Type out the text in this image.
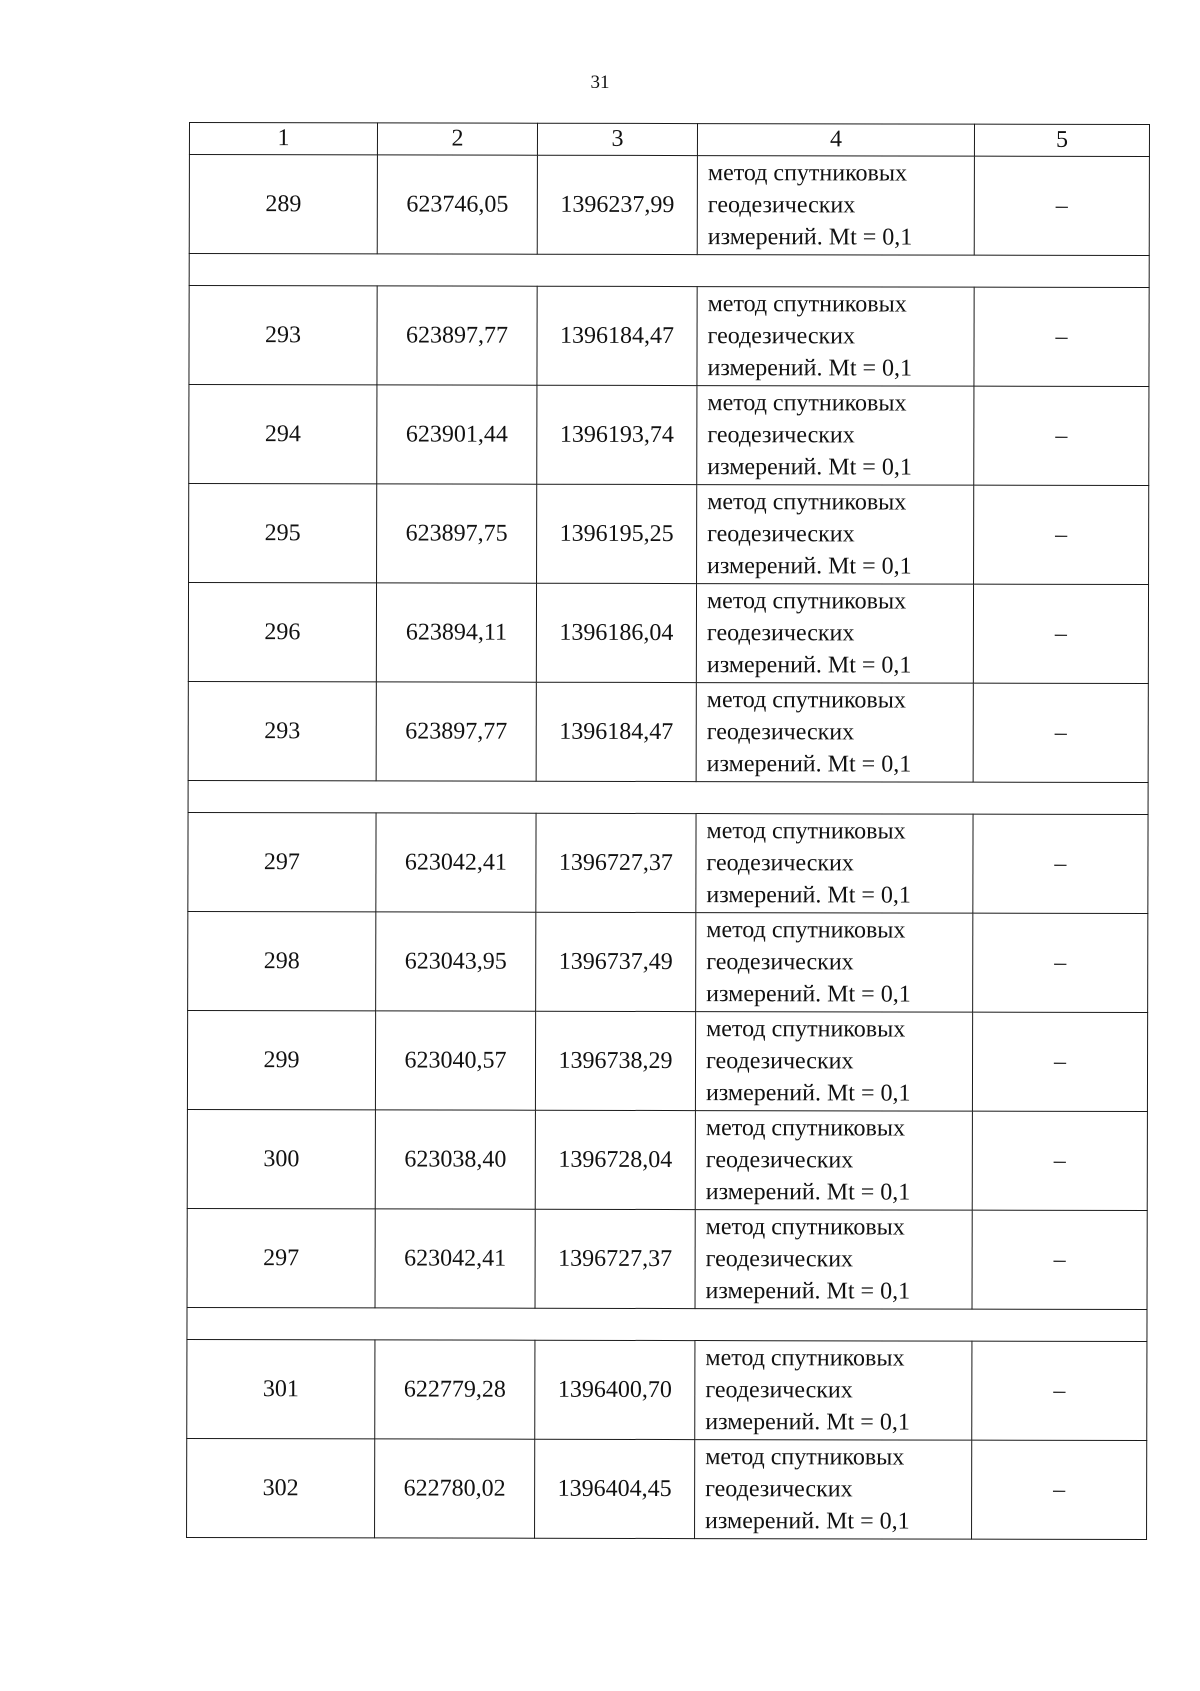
31
1	2	3	4	5
289	623746,05	1396237,99	метод спутниковых
геодезических
измерений. Mt = 0,1	–

293	623897,77	1396184,47	метод спутниковых
геодезических
измерений. Mt = 0,1	–
294	623901,44	1396193,74	метод спутниковых
геодезических
измерений. Mt = 0,1	–
295	623897,75	1396195,25	метод спутниковых
геодезических
измерений. Mt = 0,1	–
296	623894,11	1396186,04	метод спутниковых
геодезических
измерений. Mt = 0,1	–
293	623897,77	1396184,47	метод спутниковых
геодезических
измерений. Mt = 0,1	–

297	623042,41	1396727,37	метод спутниковых
геодезических
измерений. Mt = 0,1	–
298	623043,95	1396737,49	метод спутниковых
геодезических
измерений. Mt = 0,1	–
299	623040,57	1396738,29	метод спутниковых
геодезических
измерений. Mt = 0,1	–
300	623038,40	1396728,04	метод спутниковых
геодезических
измерений. Mt = 0,1	–
297	623042,41	1396727,37	метод спутниковых
геодезических
измерений. Mt = 0,1	–

301	622779,28	1396400,70	метод спутниковых
геодезических
измерений. Mt = 0,1	–
302	622780,02	1396404,45	метод спутниковых
геодезических
измерений. Mt = 0,1	–
